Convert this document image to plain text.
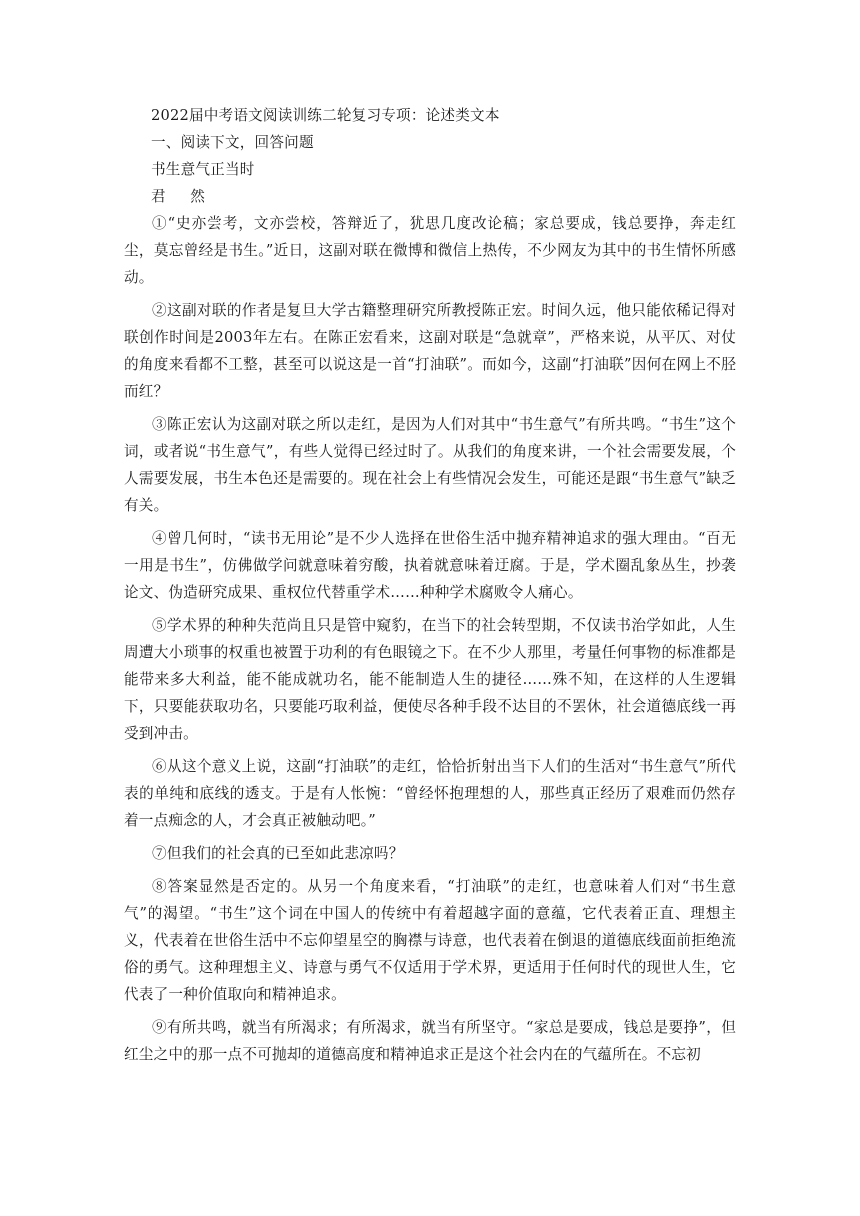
2022届中考语文阅读训练二轮复习专项：论述类文本

一、阅读下文，回答问题

书生意气正当时

君 然

①“史亦尝考，文亦尝校，答辩近了，犹思几度改论稿；家总要成，钱总要挣，奔走红尘，莫忘曾经是书生。”近日，这副对联在微博和微信上热传，不少网友为其中的书生情怀所感动。

②这副对联的作者是复旦大学古籍整理研究所教授陈正宏。时间久远，他只能依稀记得对联创作时间是2003年左右。在陈正宏看来，这副对联是“急就章”，严格来说，从平仄、对仗的角度来看都不工整，甚至可以说这是一首“打油联”。而如今，这副“打油联”因何在网上不胫而红？

③陈正宏认为这副对联之所以走红，是因为人们对其中“书生意气”有所共鸣。“书生”这个词，或者说“书生意气”，有些人觉得已经过时了。从我们的角度来讲，一个社会需要发展，个人需要发展，书生本色还是需要的。现在社会上有些情况会发生，可能还是跟“书生意气”缺乏有关。

④曾几何时，“读书无用论”是不少人选择在世俗生活中抛弃精神追求的强大理由。“百无一用是书生”，仿佛做学问就意味着穷酸，执着就意味着迂腐。于是，学术圈乱象丛生，抄袭论文、伪造研究成果、重权位代替重学术……种种学术腐败令人痛心。

⑤学术界的种种失范尚且只是管中窥豹，在当下的社会转型期，不仅读书治学如此，人生周遭大小琐事的权重也被置于功利的有色眼镜之下。在不少人那里，考量任何事物的标准都是能带来多大利益，能不能成就功名，能不能制造人生的捷径……殊不知，在这样的人生逻辑下，只要能获取功名，只要能巧取利益，便使尽各种手段不达目的不罢休，社会道德底线一再受到冲击。

⑥从这个意义上说，这副“打油联”的走红，恰恰折射出当下人们的生活对“书生意气”所代表的单纯和底线的透支。于是有人怅惋：“曾经怀抱理想的人，那些真正经历了艰难而仍然存着一点痴念的人，才会真正被触动吧。”

⑦但我们的社会真的已至如此悲凉吗？

⑧答案显然是否定的。从另一个角度来看，“打油联”的走红，也意味着人们对“书生意气”的渴望。“书生”这个词在中国人的传统中有着超越字面的意蕴，它代表着正直、理想主义，代表着在世俗生活中不忘仰望星空的胸襟与诗意，也代表着在倒退的道德底线面前拒绝流俗的勇气。这种理想主义、诗意与勇气不仅适用于学术界，更适用于任何时代的现世人生，它代表了一种价值取向和精神追求。

⑨有所共鸣，就当有所渴求；有所渴求，就当有所坚守。“家总是要成，钱总是要挣”，但红尘之中的那一点不可抛却的道德高度和精神追求正是这个社会内在的气蕴所在。不忘初
